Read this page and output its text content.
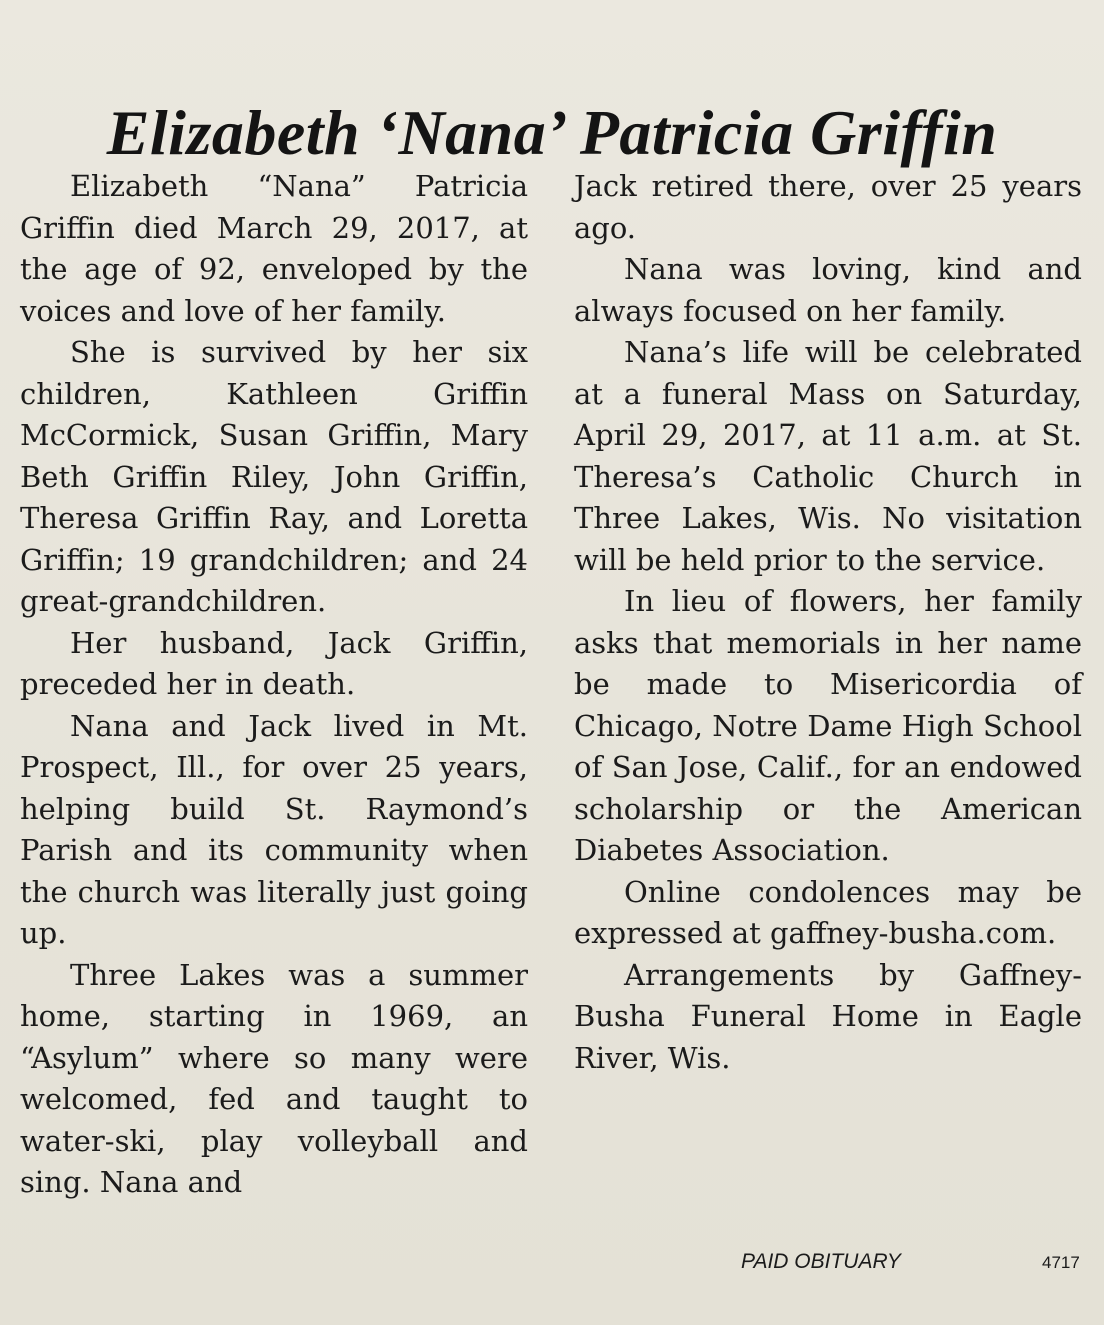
Elizabeth ‘Nana’ Patricia Griffin

Elizabeth “Nana” Patricia Griffin died March 29, 2017, at the age of 92, enveloped by the voices and love of her family.

She is survived by her six children, Kathleen Griffin McCormick, Susan Griffin, Mary Beth Griffin Riley, John Griffin, Theresa Griffin Ray, and Loretta Griffin; 19 grandchildren; and 24 great-grandchildren.

Her husband, Jack Griffin, preceded her in death.

Nana and Jack lived in Mt. Prospect, Ill., for over 25 years, helping build St. Raymond’s Parish and its community when the church was literally just going up.

Three Lakes was a summer home, starting in 1969, an “Asylum” where so many were welcomed, fed and taught to water-ski, play volleyball and sing. Nana and

Jack retired there, over 25 years ago.

Nana was loving, kind and always focused on her family.

Nana’s life will be celebrated at a funeral Mass on Saturday, April 29, 2017, at 11 a.m. at St. Theresa’s Catholic Church in Three Lakes, Wis. No visitation will be held prior to the service.

In lieu of flowers, her family asks that memorials in her name be made to Misericordia of Chicago, Notre Dame High School of San Jose, Calif., for an endowed scholarship or the American Diabetes Association.

Online condolences may be expressed at gaffney-busha.com.

Arrangements by Gaffney-Busha Funeral Home in Eagle River, Wis.

PAID OBITUARY	4717
